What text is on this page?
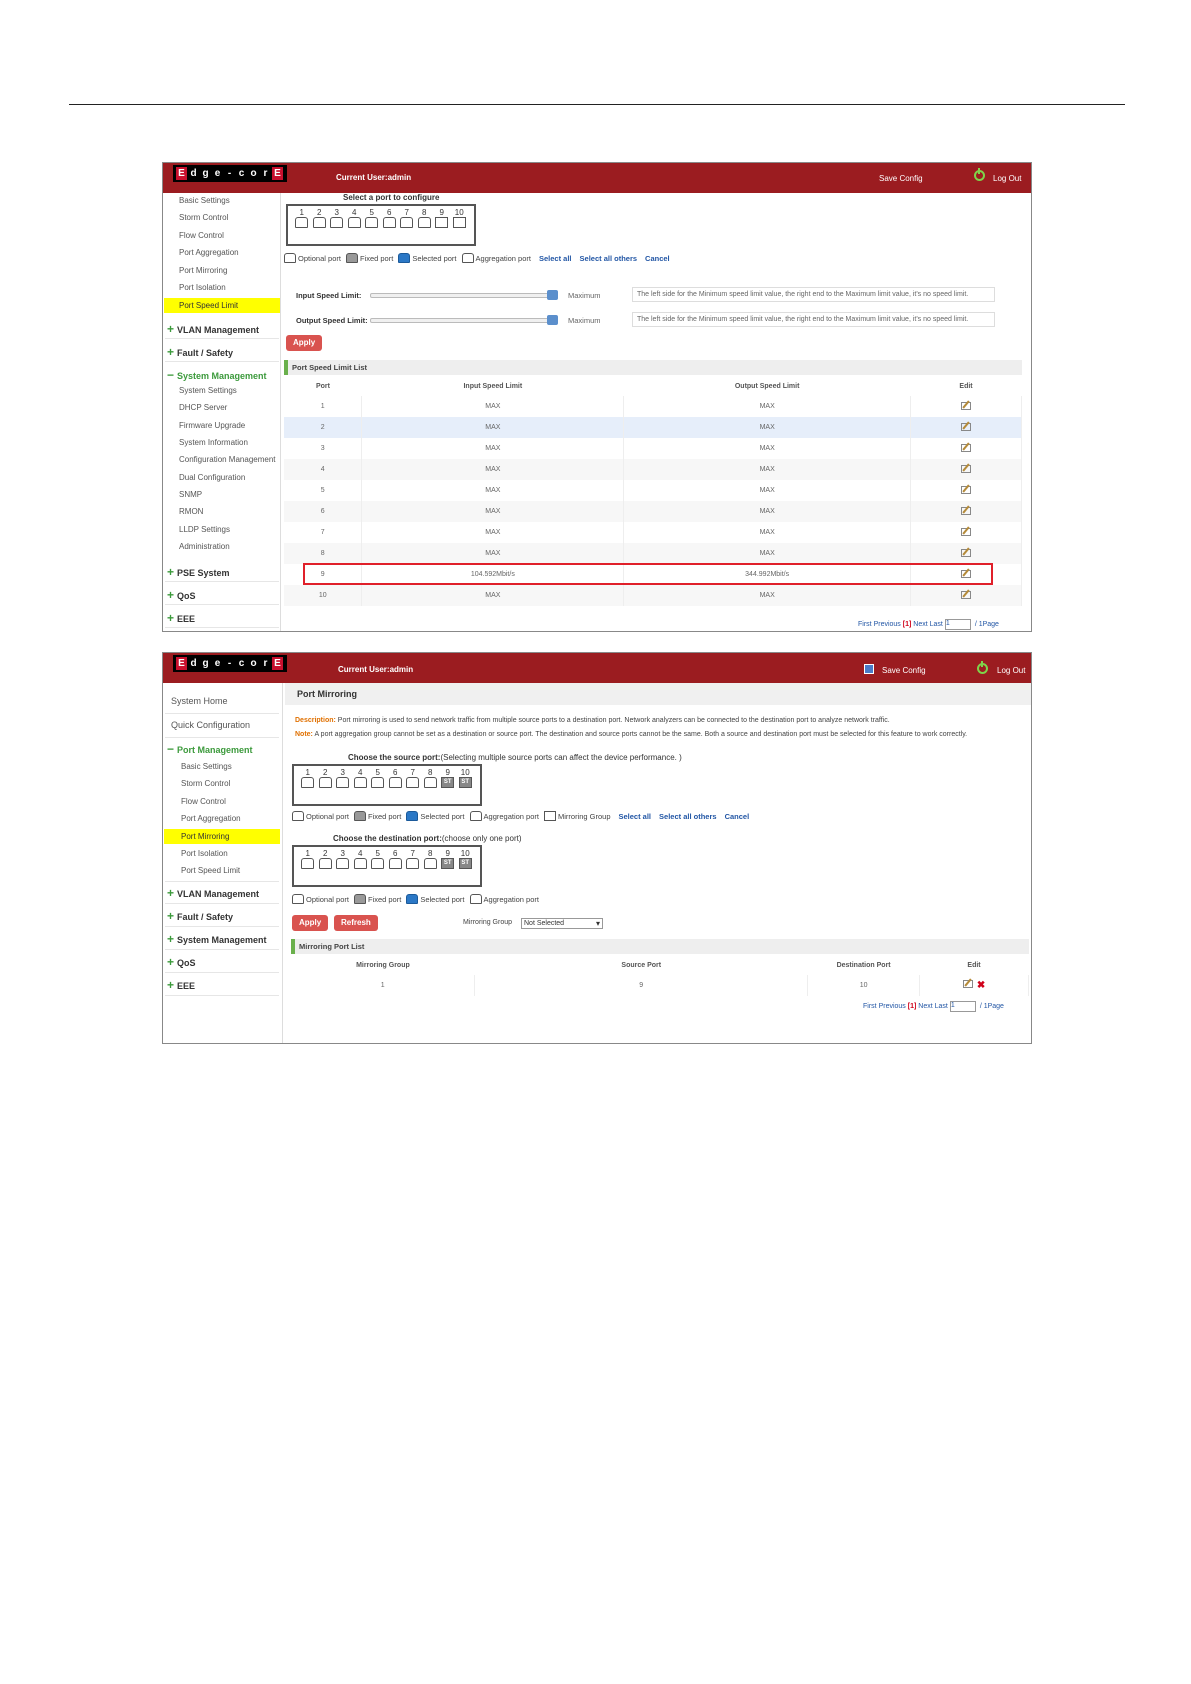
E d g e - c o r E	Current User:admin	Save Config	Log Out
Basic Settings
Storm Control
Flow Control
Port Aggregation
Port Mirroring
Port Isolation
Port Speed Limit
+ VLAN Management
+ Fault / Safety
− System Management
System Settings
DHCP Server
Firmware Upgrade
System Information
Configuration Management
Dual Configuration
SNMP
RMON
LLDP Settings
Administration
+ PSE System
+ QoS
+ EEE
Select a port to configure
1	2	3	4	5	6	7	8	9	10
Optional port	Fixed port	Selected port	Aggregation port Select all Select all others Cancel
Input Speed Limit:	Maximum	The left side for the Minimum speed limit value, the right end to the Maximum limit value, it's no speed limit.
Output Speed Limit:	Maximum	The left side for the Minimum speed limit value, the right end to the Maximum limit value, it's no speed limit.
Apply
Port Speed Limit List
Port	Input Speed Limit	Output Speed Limit	Edit
1	MAX	MAX	
2	MAX	MAX	
3	MAX	MAX	
4	MAX	MAX	
5	MAX	MAX	
6	MAX	MAX	
7	MAX	MAX	
8	MAX	MAX	
9	104.592Mbit/s	344.992Mbit/s	
10	MAX	MAX	
First Previous [1] Next Last 1	/ 1Page
E d g e - c o r E
Current User:admin	Save Config	Log Out
System Home
Quick Configuration
− Port Management
Basic Settings
Storm Control
Flow Control
Port Aggregation
Port Mirroring
Port Isolation
Port Speed Limit
+ VLAN Management
+ Fault / Safety
+ System Management
+ QoS
+ EEE
Port Mirroring
Description: Port mirroring is used to send network traffic from multiple source ports to a destination port. Network analyzers can be connected to the destination port to analyze network traffic.
Note: A port aggregation group cannot be set as a destination or source port. The destination and source ports cannot be the same. Both a source and destination port must be selected for this feature to work correctly.
Choose the source port:(Selecting multiple source ports can affect the device performance. )
1	2	3	4	5	6	7	8	9	10
ST	ST
Optional port	Fixed port	Selected port	Aggregation port	Mirroring Group Select all Select all others Cancel
Choose the destination port:(choose only one port)
1	2	3	4	5	6	7	8	9	10
ST	ST
Optional port	Fixed port	Selected port	Aggregation port
Apply	Refresh	Mirroring Group	Not Selected ▾
Mirroring Port List
Mirroring Group	Source Port	Destination Port	Edit
1	9	10	✖
First Previous [1] Next Last 1	/ 1Page
